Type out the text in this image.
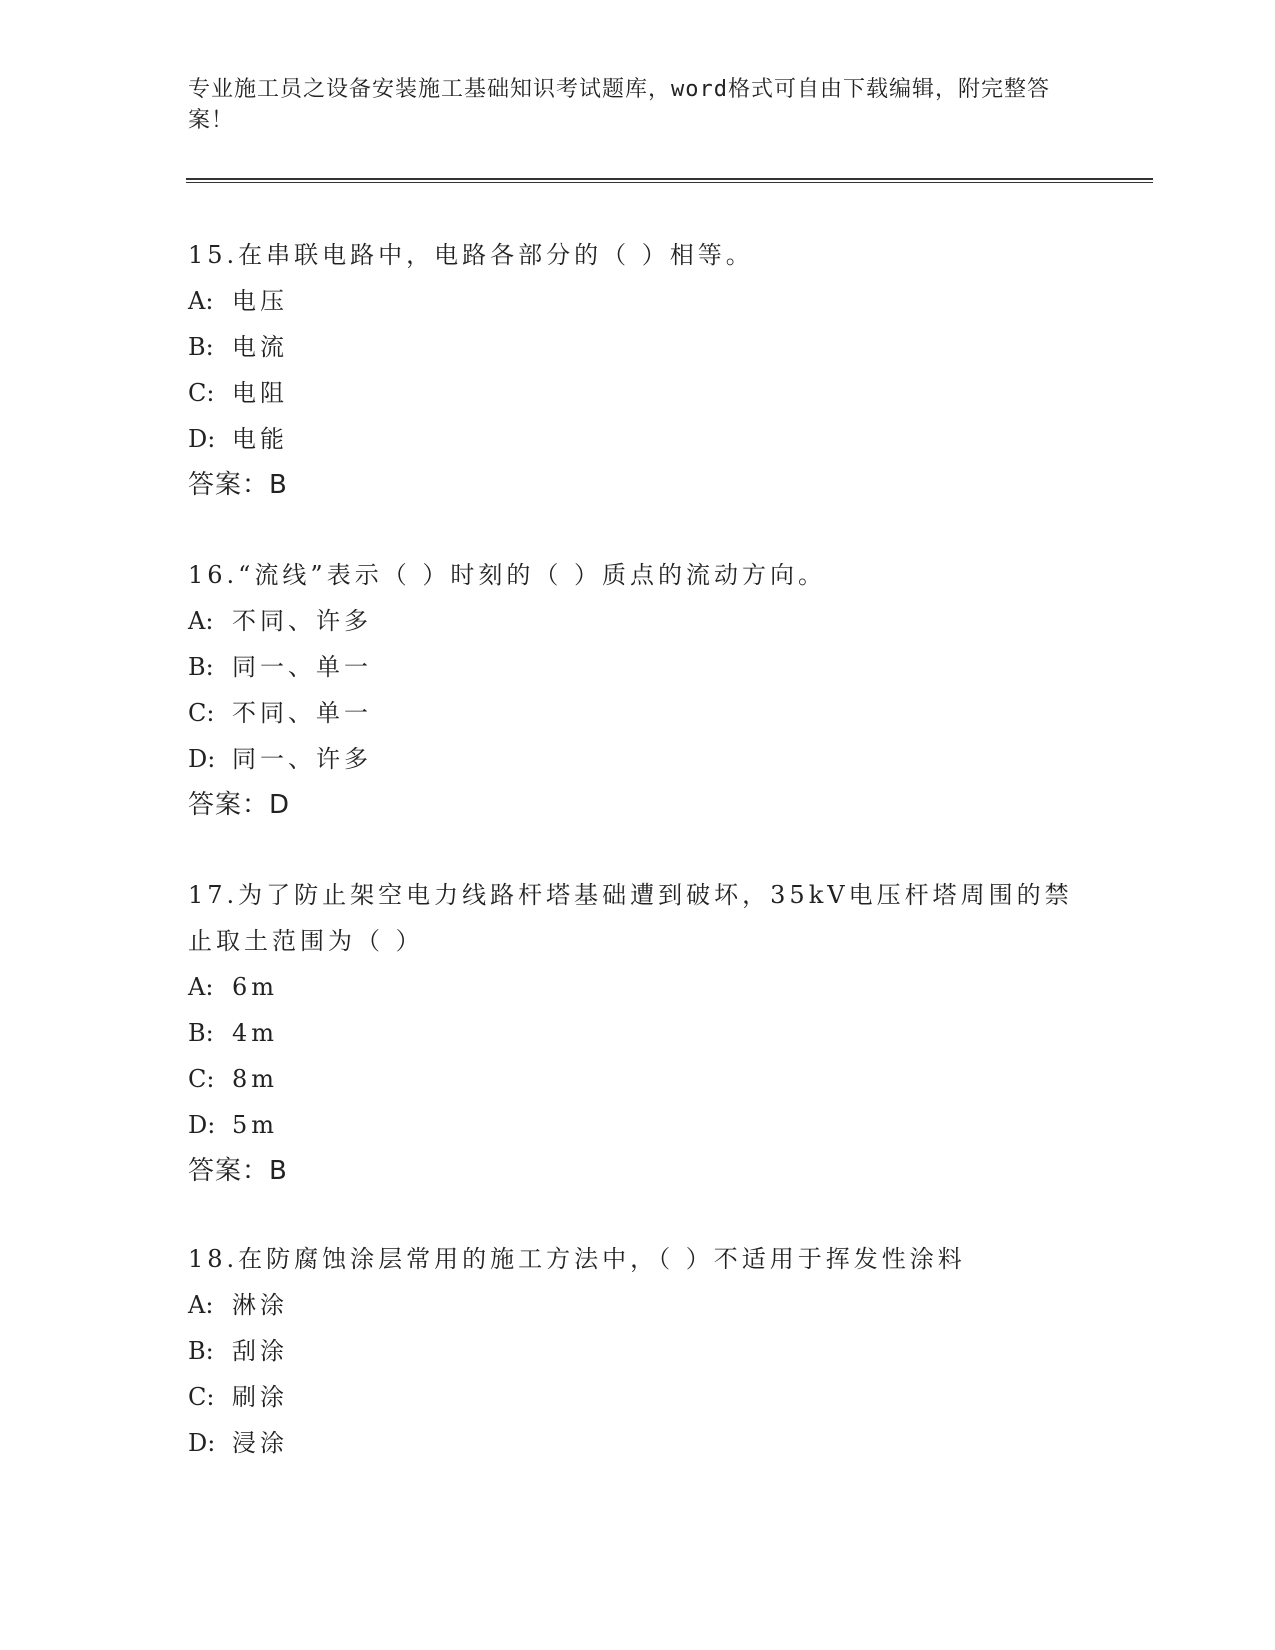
专业施工员之设备安装施工基础知识考试题库，word格式可自由下载编辑，附完整答案！
15.在串联电路中，电路各部分的（ ）相等。
A: 电压
B: 电流
C: 电阻
D: 电能
答案：B
16.“流线”表示（ ）时刻的（ ）质点的流动方向。
A: 不同、许多
B: 同一、单一
C: 不同、单一
D: 同一、许多
答案：D
17.为了防止架空电力线路杆塔基础遭到破坏，35kV电压杆塔周围的禁止取土范围为（ ）
A: 6m
B: 4m
C: 8m
D: 5m
答案：B
18.在防腐蚀涂层常用的施工方法中，（ ）不适用于挥发性涂料
A: 淋涂
B: 刮涂
C: 刷涂
D: 浸涂
